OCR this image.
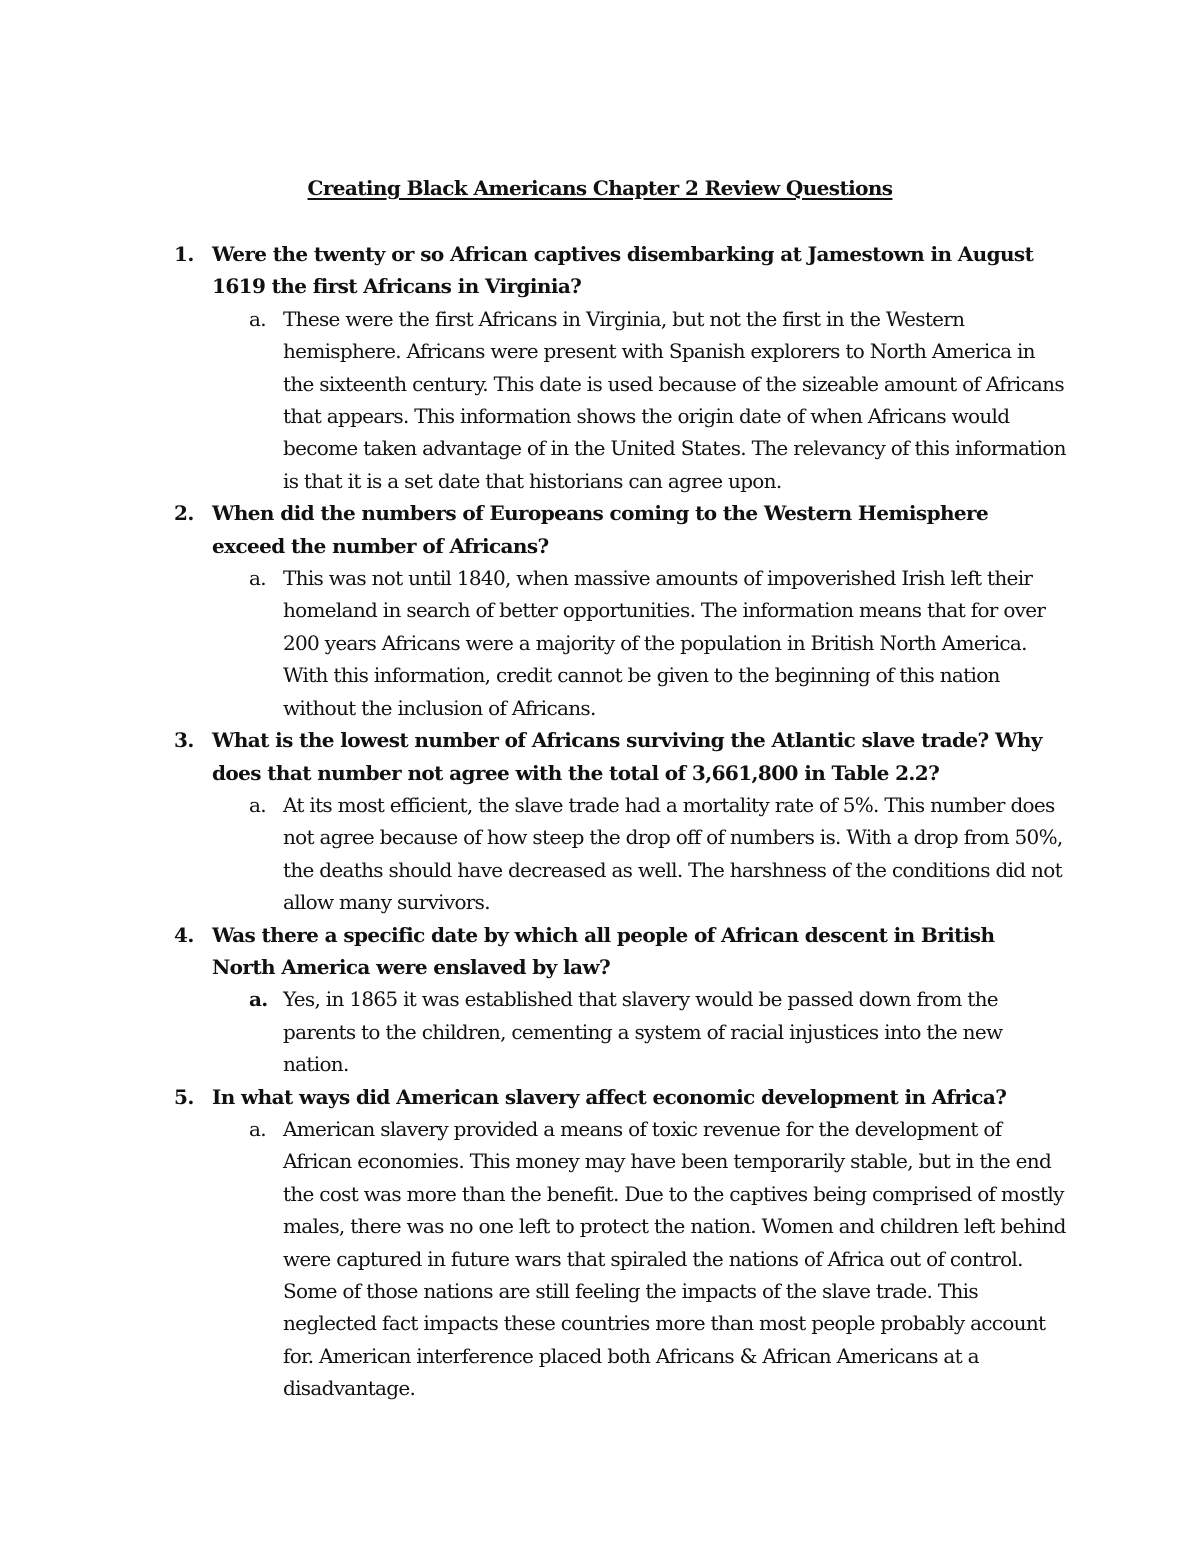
Creating Black Americans Chapter 2 Review Questions
1. Were the twenty or so African captives disembarking at Jamestown in August 1619 the first Africans in Virginia?
a. These were the first Africans in Virginia, but not the first in the Western hemisphere. Africans were present with Spanish explorers to North America in the sixteenth century. This date is used because of the sizeable amount of Africans that appears. This information shows the origin date of when Africans would become taken advantage of in the United States. The relevancy of this information is that it is a set date that historians can agree upon.
2. When did the numbers of Europeans coming to the Western Hemisphere exceed the number of Africans?
a. This was not until 1840, when massive amounts of impoverished Irish left their homeland in search of better opportunities. The information means that for over 200 years Africans were a majority of the population in British North America. With this information, credit cannot be given to the beginning of this nation without the inclusion of Africans.
3. What is the lowest number of Africans surviving the Atlantic slave trade? Why does that number not agree with the total of 3,661,800 in Table 2.2?
a. At its most efficient, the slave trade had a mortality rate of 5%. This number does not agree because of how steep the drop off of numbers is. With a drop from 50%, the deaths should have decreased as well. The harshness of the conditions did not allow many survivors.
4. Was there a specific date by which all people of African descent in British North America were enslaved by law?
a. Yes, in 1865 it was established that slavery would be passed down from the parents to the children, cementing a system of racial injustices into the new nation.
5. In what ways did American slavery affect economic development in Africa?
a. American slavery provided a means of toxic revenue for the development of African economies. This money may have been temporarily stable, but in the end the cost was more than the benefit. Due to the captives being comprised of mostly males, there was no one left to protect the nation. Women and children left behind were captured in future wars that spiraled the nations of Africa out of control. Some of those nations are still feeling the impacts of the slave trade. This neglected fact impacts these countries more than most people probably account for. American interference placed both Africans & African Americans at a disadvantage.
